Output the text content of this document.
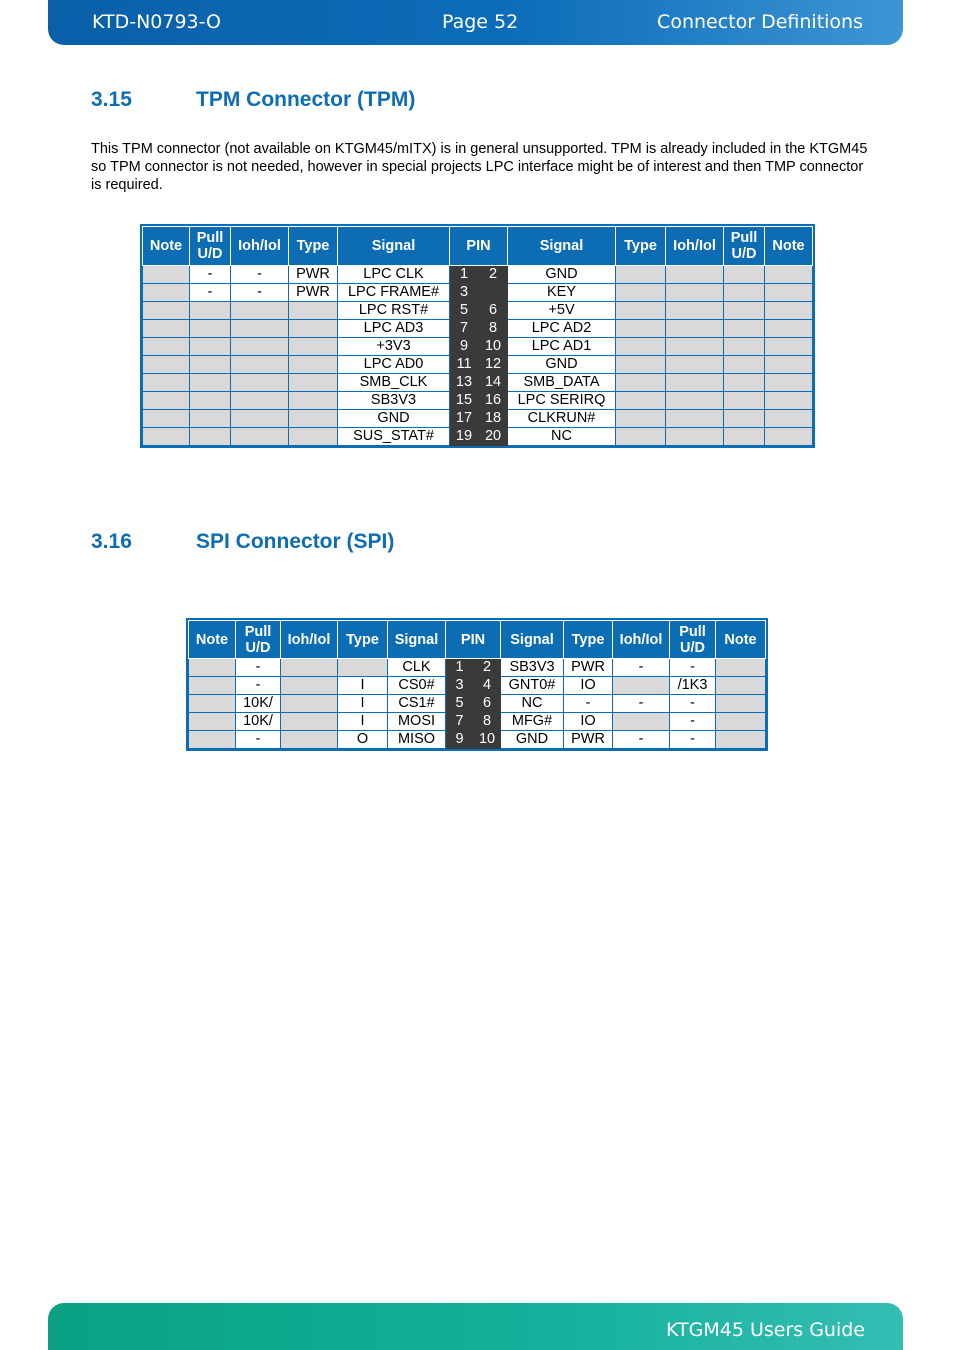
KTD-N0793-O	Page 52	Connector Definitions
3.15	TPM Connector (TPM)
This TPM connector (not available on KTGM45/mITX) is in general unsupported. TPM is already included in the KTGM45 so TPM connector is not needed, however in special projects LPC interface might be of interest and then TMP connector is required.
Note	Pull U/D	Ioh/Iol	Type	Signal	PIN		Signal	Type	Ioh/Iol	Pull U/D	Note
	-	-	PWR	LPC CLK	1	2	GND				
	-	-	PWR	LPC FRAME#	3		KEY				
				LPC RST#	5	6	+5V				
				LPC AD3	7	8	LPC AD2				
				+3V3	9	10	LPC AD1				
				LPC AD0	11	12	GND				
				SMB_CLK	13	14	SMB_DATA				
				SB3V3	15	16	LPC SERIRQ				
				GND	17	18	CLKRUN#				
				SUS_STAT#	19	20	NC				
3.16	SPI Connector (SPI)
Note	Pull U/D	Ioh/Iol	Type	Signal	PIN		Signal	Type	Ioh/Iol	Pull U/D	Note
	-			CLK	1	2	SB3V3	PWR	-	-	
	-		I	CS0#	3	4	GNT0#	IO		/1K3	
	10K/		I	CS1#	5	6	NC	-	-	-	
	10K/		I	MOSI	7	8	MFG#	IO		-	
	-		O	MISO	9	10	GND	PWR	-	-	
KTGM45 Users Guide
